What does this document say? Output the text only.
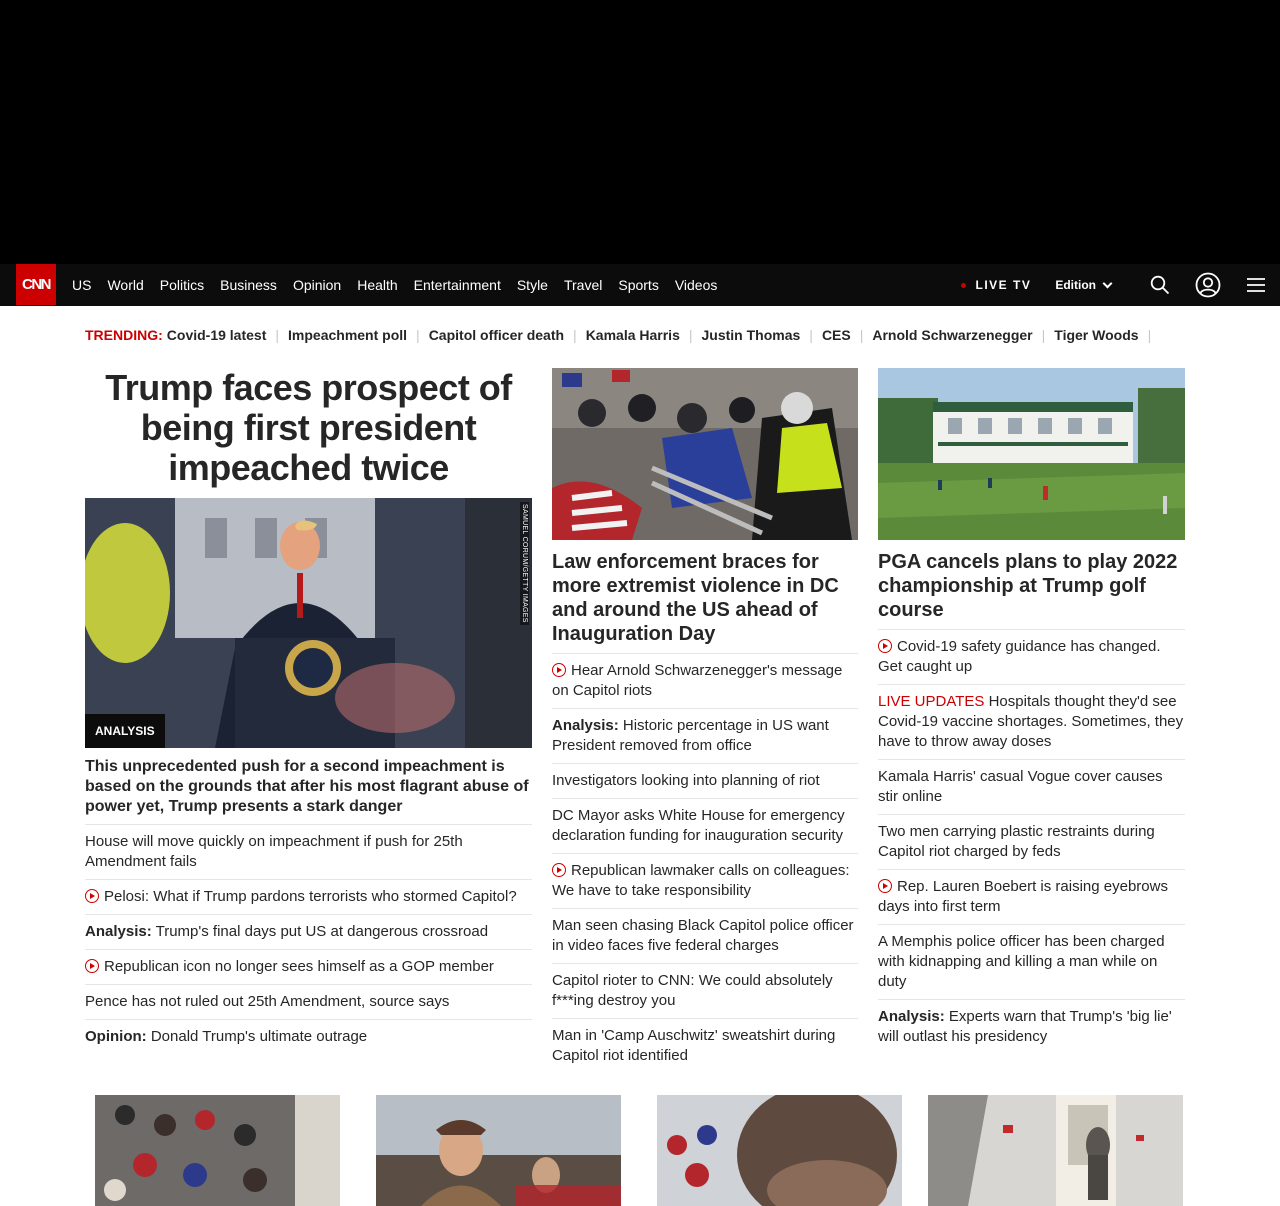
CNN	US	World	Politics	Business	Opinion	Health	Entertainment	Style	Travel	Sports	Videos	LIVE TV Edition
TRENDING: Covid-19 latest | Impeachment poll | Capitol officer death | Kamala Harris | Justin Thomas | CES | Arnold Schwarzenegger | Tiger Woods |
Trump faces prospect of being first president impeached twice
SAMUEL CORUM/GETTY IMAGES
ANALYSIS
This unprecedented push for a second impeachment is based on the grounds that after his most flagrant abuse of power yet, Trump presents a stark danger
House will move quickly on impeachment if push for 25th Amendment fails
Pelosi: What if Trump pardons terrorists who stormed Capitol?
Analysis: Trump's final days put US at dangerous crossroad
Republican icon no longer sees himself as a GOP member
Pence has not ruled out 25th Amendment, source says
Opinion: Donald Trump's ultimate outrage
Law enforcement braces for more extremist violence in DC and around the US ahead of Inauguration Day
Hear Arnold Schwarzenegger's message on Capitol riots
Analysis: Historic percentage in US want President removed from office
Investigators looking into planning of riot
DC Mayor asks White House for emergency declaration funding for inauguration security
Republican lawmaker calls on colleagues: We have to take responsibility
Man seen chasing Black Capitol police officer in video faces five federal charges
Capitol rioter to CNN: We could absolutely f***ing destroy you
Man in 'Camp Auschwitz' sweatshirt during Capitol riot identified
PGA cancels plans to play 2022 championship at Trump golf course
Covid-19 safety guidance has changed. Get caught up
LIVE UPDATES Hospitals thought they'd see Covid-19 vaccine shortages. Sometimes, they have to throw away doses
Kamala Harris' casual Vogue cover causes stir online
Two men carrying plastic restraints during Capitol riot charged by feds
Rep. Lauren Boebert is raising eyebrows days into first term
A Memphis police officer has been charged with kidnapping and killing a man while on duty
Analysis: Experts warn that Trump's 'big lie' will outlast his presidency
